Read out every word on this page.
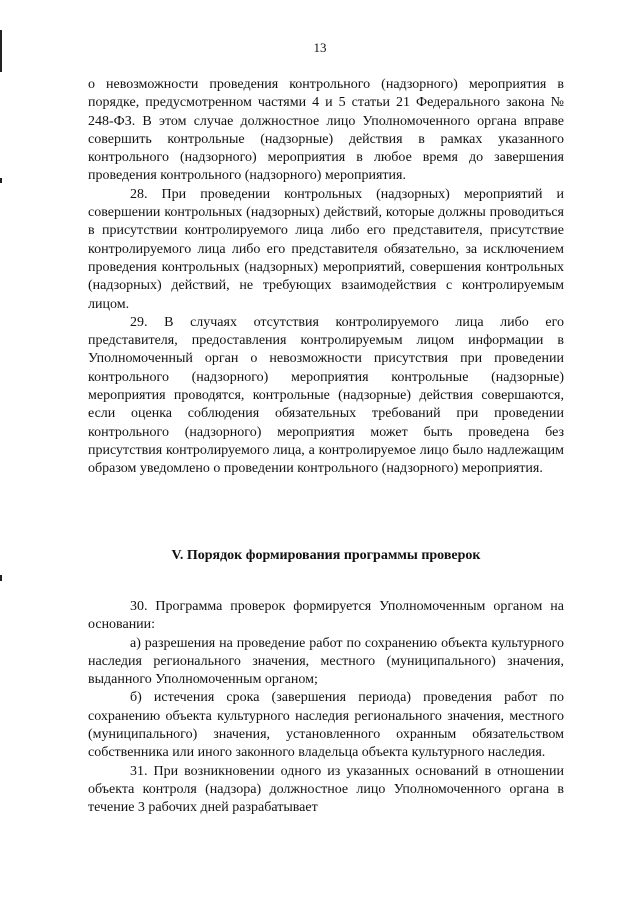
13

о невозможности проведения контрольного (надзорного) мероприятия в порядке, предусмотренном частями 4 и 5 статьи 21 Федерального закона № 248-ФЗ. В этом случае должностное лицо Уполномоченного органа вправе совершить контрольные (надзорные) действия в рамках указанного контрольного (надзорного) мероприятия в любое время до завершения проведения контрольного (надзорного) мероприятия.

28. При проведении контрольных (надзорных) мероприятий и совершении контрольных (надзорных) действий, которые должны проводиться в присутствии контролируемого лица либо его представителя, присутствие контролируемого лица либо его представителя обязательно, за исключением проведения контрольных (надзорных) мероприятий, совершения контрольных (надзорных) действий, не требующих взаимодействия с контролируемым лицом.

29. В случаях отсутствия контролируемого лица либо его представителя, предоставления контролируемым лицом информации в Уполномоченный орган о невозможности присутствия при проведении контрольного (надзорного) мероприятия контрольные (надзорные) мероприятия проводятся, контрольные (надзорные) действия совершаются, если оценка соблюдения обязательных требований при проведении контрольного (надзорного) мероприятия может быть проведена без присутствия контролируемого лица, а контролируемое лицо было надлежащим образом уведомлено о проведении контрольного (надзорного) мероприятия.

V. Порядок формирования программы проверок

30. Программа проверок формируется Уполномоченным органом на основании:

а) разрешения на проведение работ по сохранению объекта культурного наследия регионального значения, местного (муниципального) значения, выданного Уполномоченным органом;

б) истечения срока (завершения периода) проведения работ по сохранению объекта культурного наследия регионального значения, местного (муниципального) значения, установленного охранным обязательством собственника или иного законного владельца объекта культурного наследия.

31. При возникновении одного из указанных оснований в отношении объекта контроля (надзора) должностное лицо Уполномоченного органа в течение 3 рабочих дней разрабатывает
